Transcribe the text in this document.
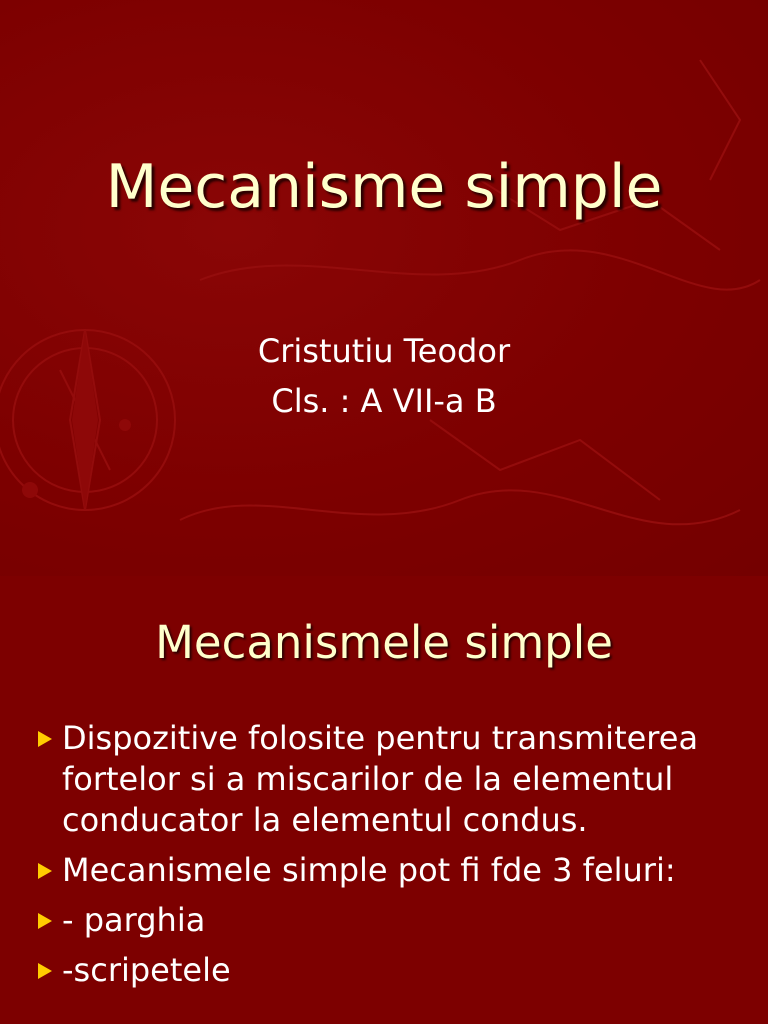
Mecanisme simple
Cristutiu Teodor
Cls. : A VII-a B
Mecanismele simple
Dispozitive folosite pentru transmiterea fortelor si a miscarilor de la elementul conducator la elementul condus.
Mecanismele simple pot fi fde 3 feluri:
- parghia
-scripetele
